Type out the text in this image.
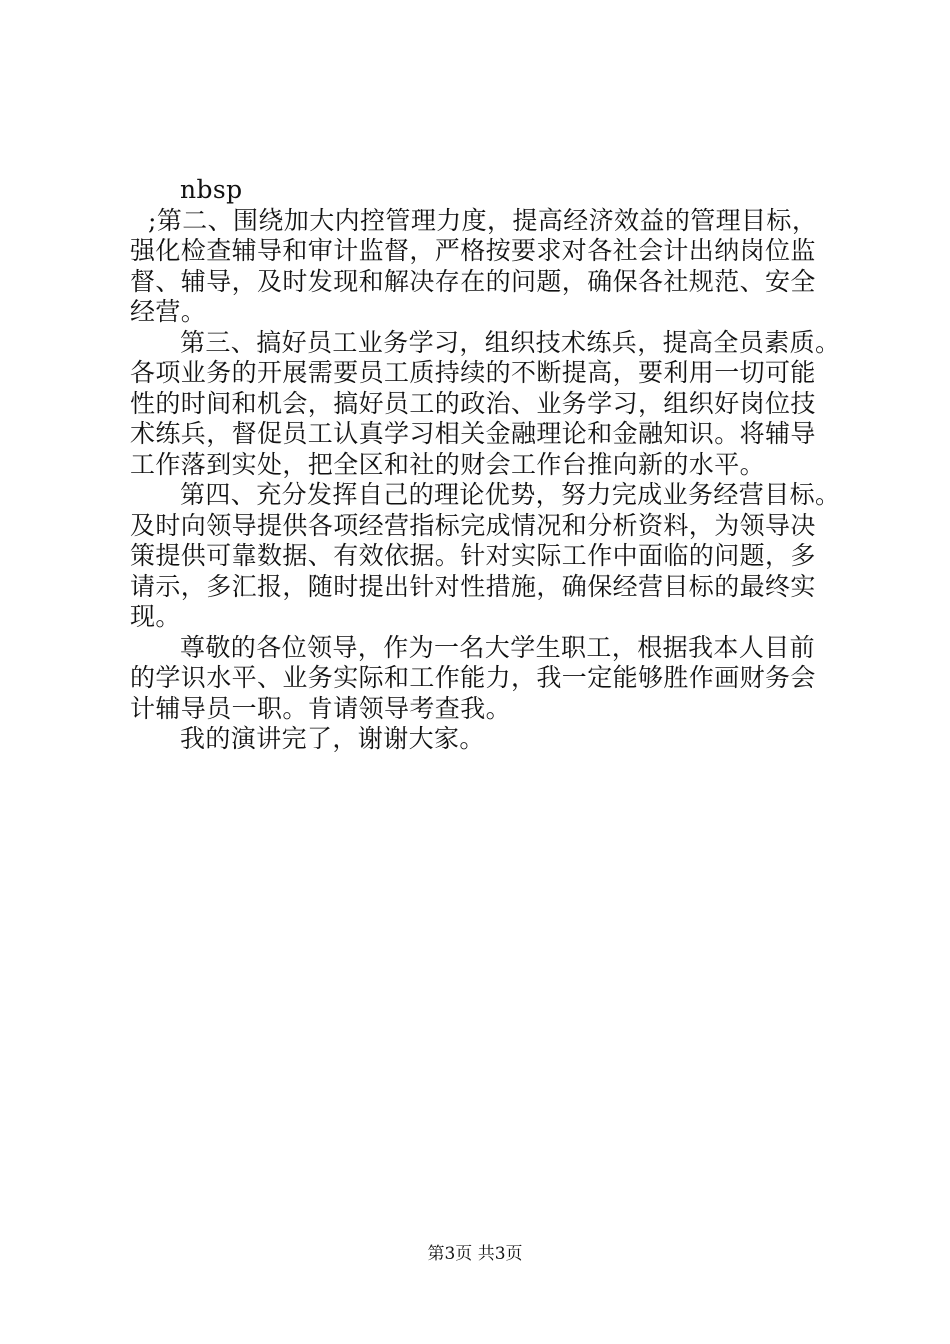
nbsp
;第二、围绕加大内控管理力度，提高经济效益的管理目标，
强化检查辅导和审计监督，严格按要求对各社会计出纳岗位监
督、辅导，及时发现和解决存在的问题，确保各社规范、安全
经营。
第三、搞好员工业务学习，组织技术练兵，提高全员素质。
各项业务的开展需要员工质持续的不断提高，要利用一切可能
性的时间和机会，搞好员工的政治、业务学习，组织好岗位技
术练兵，督促员工认真学习相关金融理论和金融知识。将辅导
工作落到实处，把全区和社的财会工作台推向新的水平。
第四、充分发挥自己的理论优势，努力完成业务经营目标。
及时向领导提供各项经营指标完成情况和分析资料，为领导决
策提供可靠数据、有效依据。针对实际工作中面临的问题，多
请示，多汇报，随时提出针对性措施，确保经营目标的最终实
现。
尊敬的各位领导，作为一名大学生职工，根据我本人目前
的学识水平、业务实际和工作能力，我一定能够胜作画财务会
计辅导员一职。肯请领导考查我。
我的演讲完了，谢谢大家。
第3页 共3页
